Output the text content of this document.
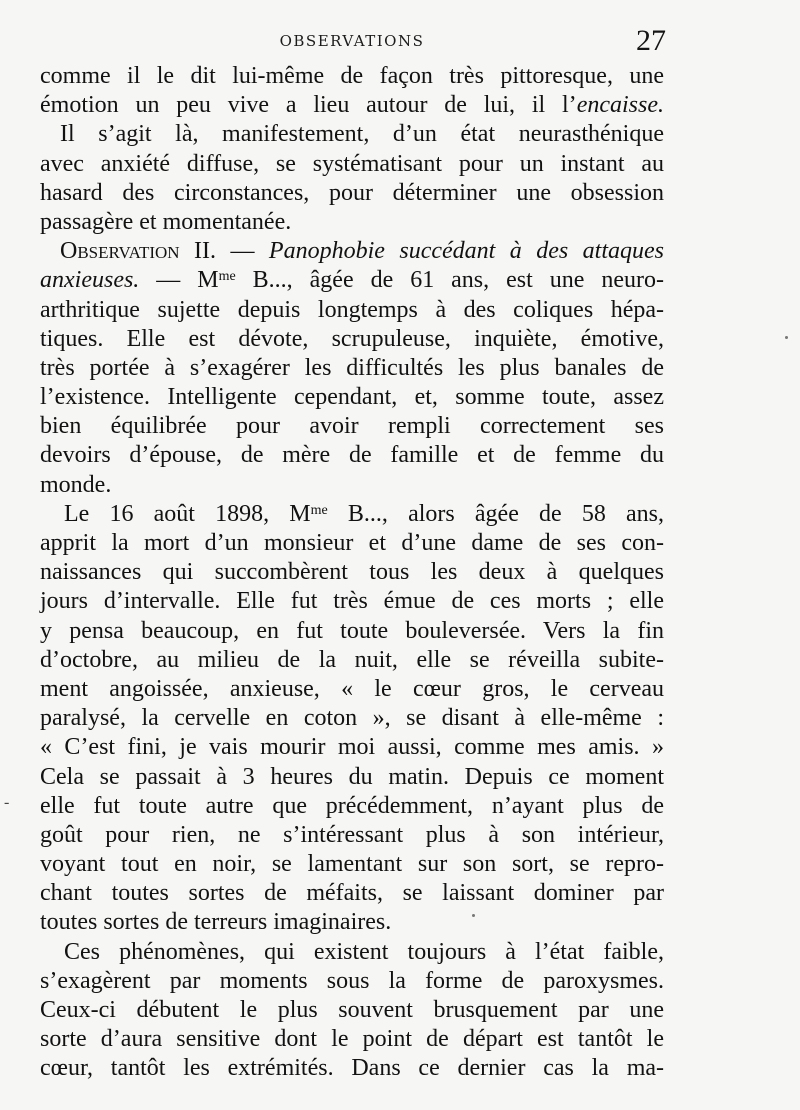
OBSERVATIONS	27
comme il le dit lui-même de façon très pittoresque, une
émotion un peu vive a lieu autour de lui, il l’encaisse.
Il s’agit là, manifestement, d’un état neurasthénique
avec anxiété diffuse, se systématisant pour un instant au
hasard des circonstances, pour déterminer une obsession
passagère et momentanée.
Observation II. — Panophobie succédant à des attaques
anxieuses. — $M^{me}$ B..., âgée de 61 ans, est une neuro-
arthritique sujette depuis longtemps à des coliques hépa-
tiques. Elle est dévote, scrupuleuse, inquiète, émotive,
très portée à s’exagérer les difficultés les plus banales de
l’existence. Intelligente cependant, et, somme toute, assez
bien équilibrée pour avoir rempli correctement ses
devoirs d’épouse, de mère de famille et de femme du
monde.
Le 16 août 1898, $M^{me}$ B..., alors âgée de 58 ans,
apprit la mort d’un monsieur et d’une dame de ses con-
naissances qui succombèrent tous les deux à quelques
jours d’intervalle. Elle fut très émue de ces morts ; elle
y pensa beaucoup, en fut toute bouleversée. Vers la fin
d’octobre, au milieu de la nuit, elle se réveilla subite-
ment angoissée, anxieuse, « le cœur gros, le cerveau
paralysé, la cervelle en coton », se disant à elle-même :
« C’est fini, je vais mourir moi aussi, comme mes amis. »
Cela se passait à 3 heures du matin. Depuis ce moment
elle fut toute autre que précédemment, n’ayant plus de
goût pour rien, ne s’intéressant plus à son intérieur,
voyant tout en noir, se lamentant sur son sort, se repro-
chant toutes sortes de méfaits, se laissant dominer par
toutes sortes de terreurs imaginaires.
Ces phénomènes, qui existent toujours à l’état faible,
s’exagèrent par moments sous la forme de paroxysmes.
Ceux-ci débutent le plus souvent brusquement par une
sorte d’aura sensitive dont le point de départ est tantôt le
cœur, tantôt les extrémités. Dans ce dernier cas la ma-
-
